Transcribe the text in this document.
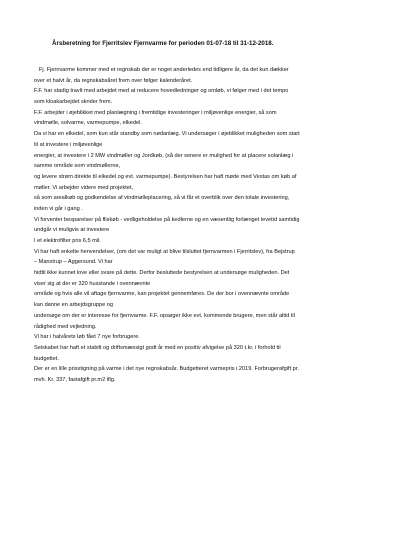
Årsberetning for Fjerritslev Fjernvarme for perioden 01-07-18 til 31-12-2018.
Fj. Fjernvarme kommer med et regnskab der er noget anderledes end tidligere år, da det kun dækker
over et halvt år, da regnskabsåret frem over følger kalenderåret.
F.F. har stadig travlt med arbejdet med at reducere hovedledninger og omløb, vi følger med i det tempo
som kloakarbejdet skrider frem.
F.F. arbejder i øjeblikket med planlægning i fremtidige investeringer i miljøvenlige energier, så som
vindmølle, solvarme, varmepumpe, elkedel.
Da vi har en elkedel, som kun står standby som nødanlæg. Vi undersøger i øjeblikket muligheden som start
til at investere i miljøvenlige
energier, at investere i 2 MW vindmøller og Jordkøb, (så der senere er mulighed for at placere solanlæg i
samme område som vindmøllerne,
og levere strøm direkte til elkedel og evt. varmepumpe). Bestyrelsen har haft møde med Vestas om køb af
møller. Vi arbejder videre med projektet,
så som arealkøb og godkendelse af vindmølleplacering, så vi får et overblik over den totale investering,
inden vi går i gang .
Vi forventer besparelser på fliskøb - vedligeholdelse på kedlerne og en væsentlig forlænget levetid samtidig
undgår vi muligvis at investere
I et elektrofilter pris 6,5 mil.
Vi har haft enkelte henvendelser, (om det var muligt at blive tilsluttet fjernvarmen i Fjerritslev), fra Bejstrup
– Manstrup – Aggersund. Vi har
hidtil ikke kunnet love eller svare på dette. Derfor besluttede bestyrelsen at undersøge muligheden. Det
viser sig at der er 320 husstande i ovennævnte
område og hvis alle vil aftage fjernvarme, kan projektet gennemføres. De der bor i ovennævnte område
kan danne en arbejdsgruppe og
undersøge om der er interesse for fjernvarme. F.F. opsøger ikke evt. kommende brugere, men står altid til
rådighed med vejledning.
Vi har i halvårets løb fået 7 nye forbrugere.
Selskabet har haft et stabilt og driftsmæssigt godt år med en positiv afvigelse på 320 t.kr. i forhold til
budgettet.
Der er en lille prisstigning på varme i det nye regnskabsår. Budgetteret varmepris i 2019. Forbrugerafgift pr.
mvh. Kr. 337, fastafgift pr.m2 iflg.
